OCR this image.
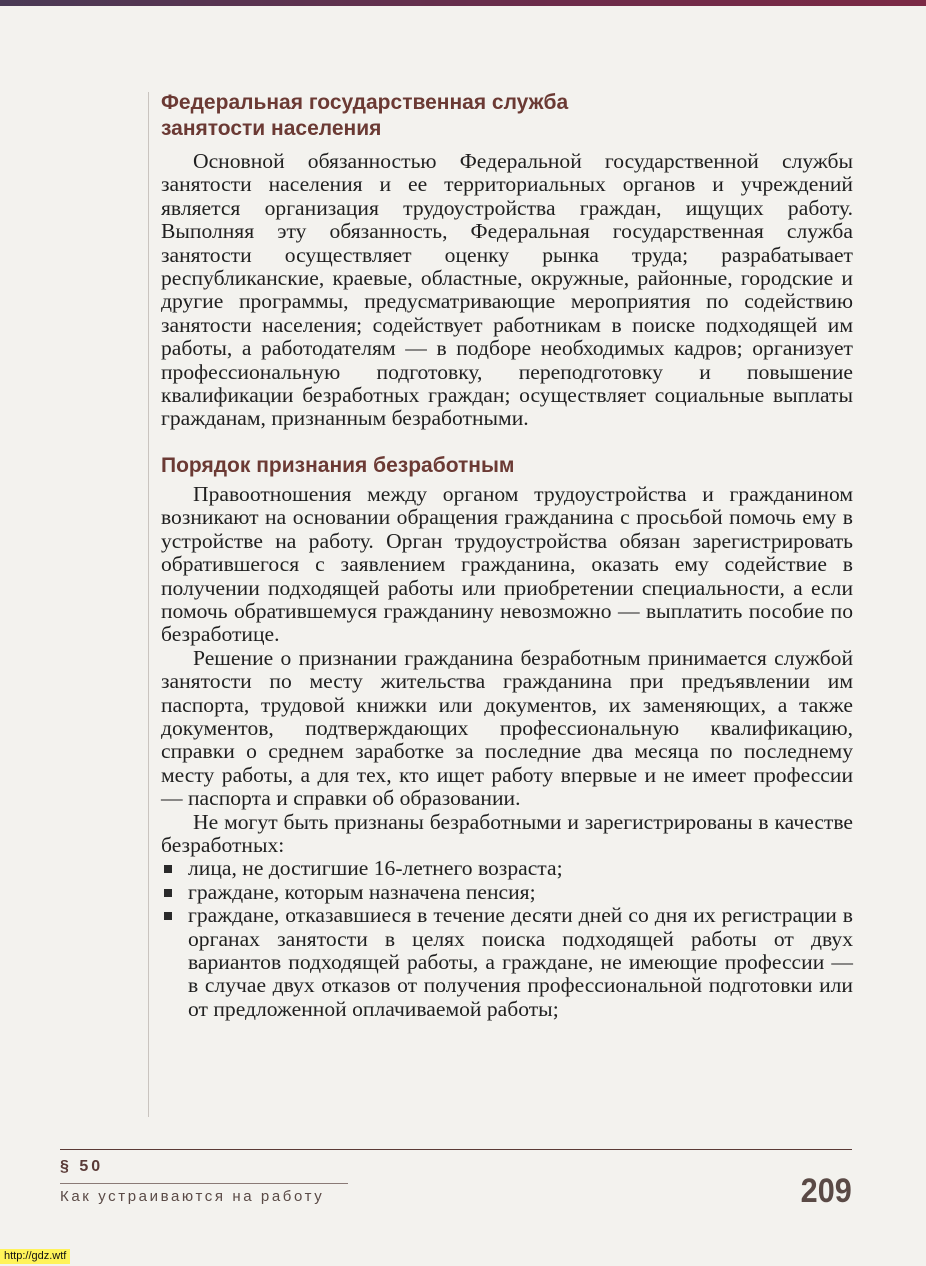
Федеральная государственная служба
занятости населения

Основной обязанностью Федеральной государственной службы занятости населения и ее территориальных органов и учреждений является организация трудоустройства граждан, ищущих работу. Выполняя эту обязанность, Федеральная государственная служба занятости осуществляет оценку рынка труда; разрабатывает республиканские, краевые, областные, окружные, районные, городские и другие программы, предусматривающие мероприятия по содействию занятости населения; содействует работникам в поиске подходящей им работы, а работодателям — в подборе необходимых кадров; организует профессиональную подготовку, переподготовку и повышение квалификации безработных граждан; осуществляет социальные выплаты гражданам, признанным безработными.

Порядок признания безработным

Правоотношения между органом трудоустройства и гражданином возникают на основании обращения гражданина с просьбой помочь ему в устройстве на работу. Орган трудоустройства обязан зарегистрировать обратившегося с заявлением гражданина, оказать ему содействие в получении подходящей работы или приобретении специальности, а если помочь обратившемуся гражданину невозможно — выплатить пособие по безработице.

Решение о признании гражданина безработным принимается службой занятости по месту жительства гражданина при предъявлении им паспорта, трудовой книжки или документов, их заменяющих, а также документов, подтверждающих профессиональную квалификацию, справки о среднем заработке за последние два месяца по последнему месту работы, а для тех, кто ищет работу впервые и не имеет профессии — паспорта и справки об образовании.

Не могут быть признаны безработными и зарегистрированы в качестве безработных:

лица, не достигшие 16-летнего возраста;
граждане, которым назначена пенсия;
граждане, отказавшиеся в течение десяти дней со дня их регистрации в органах занятости в целях поиска подходящей работы от двух вариантов подходящей работы, а граждане, не имеющие профессии — в случае двух отказов от получения профессиональной подготовки или от предложенной оплачиваемой работы;
§ 50
Как устраиваются на работу	209
http://gdz.wtf
